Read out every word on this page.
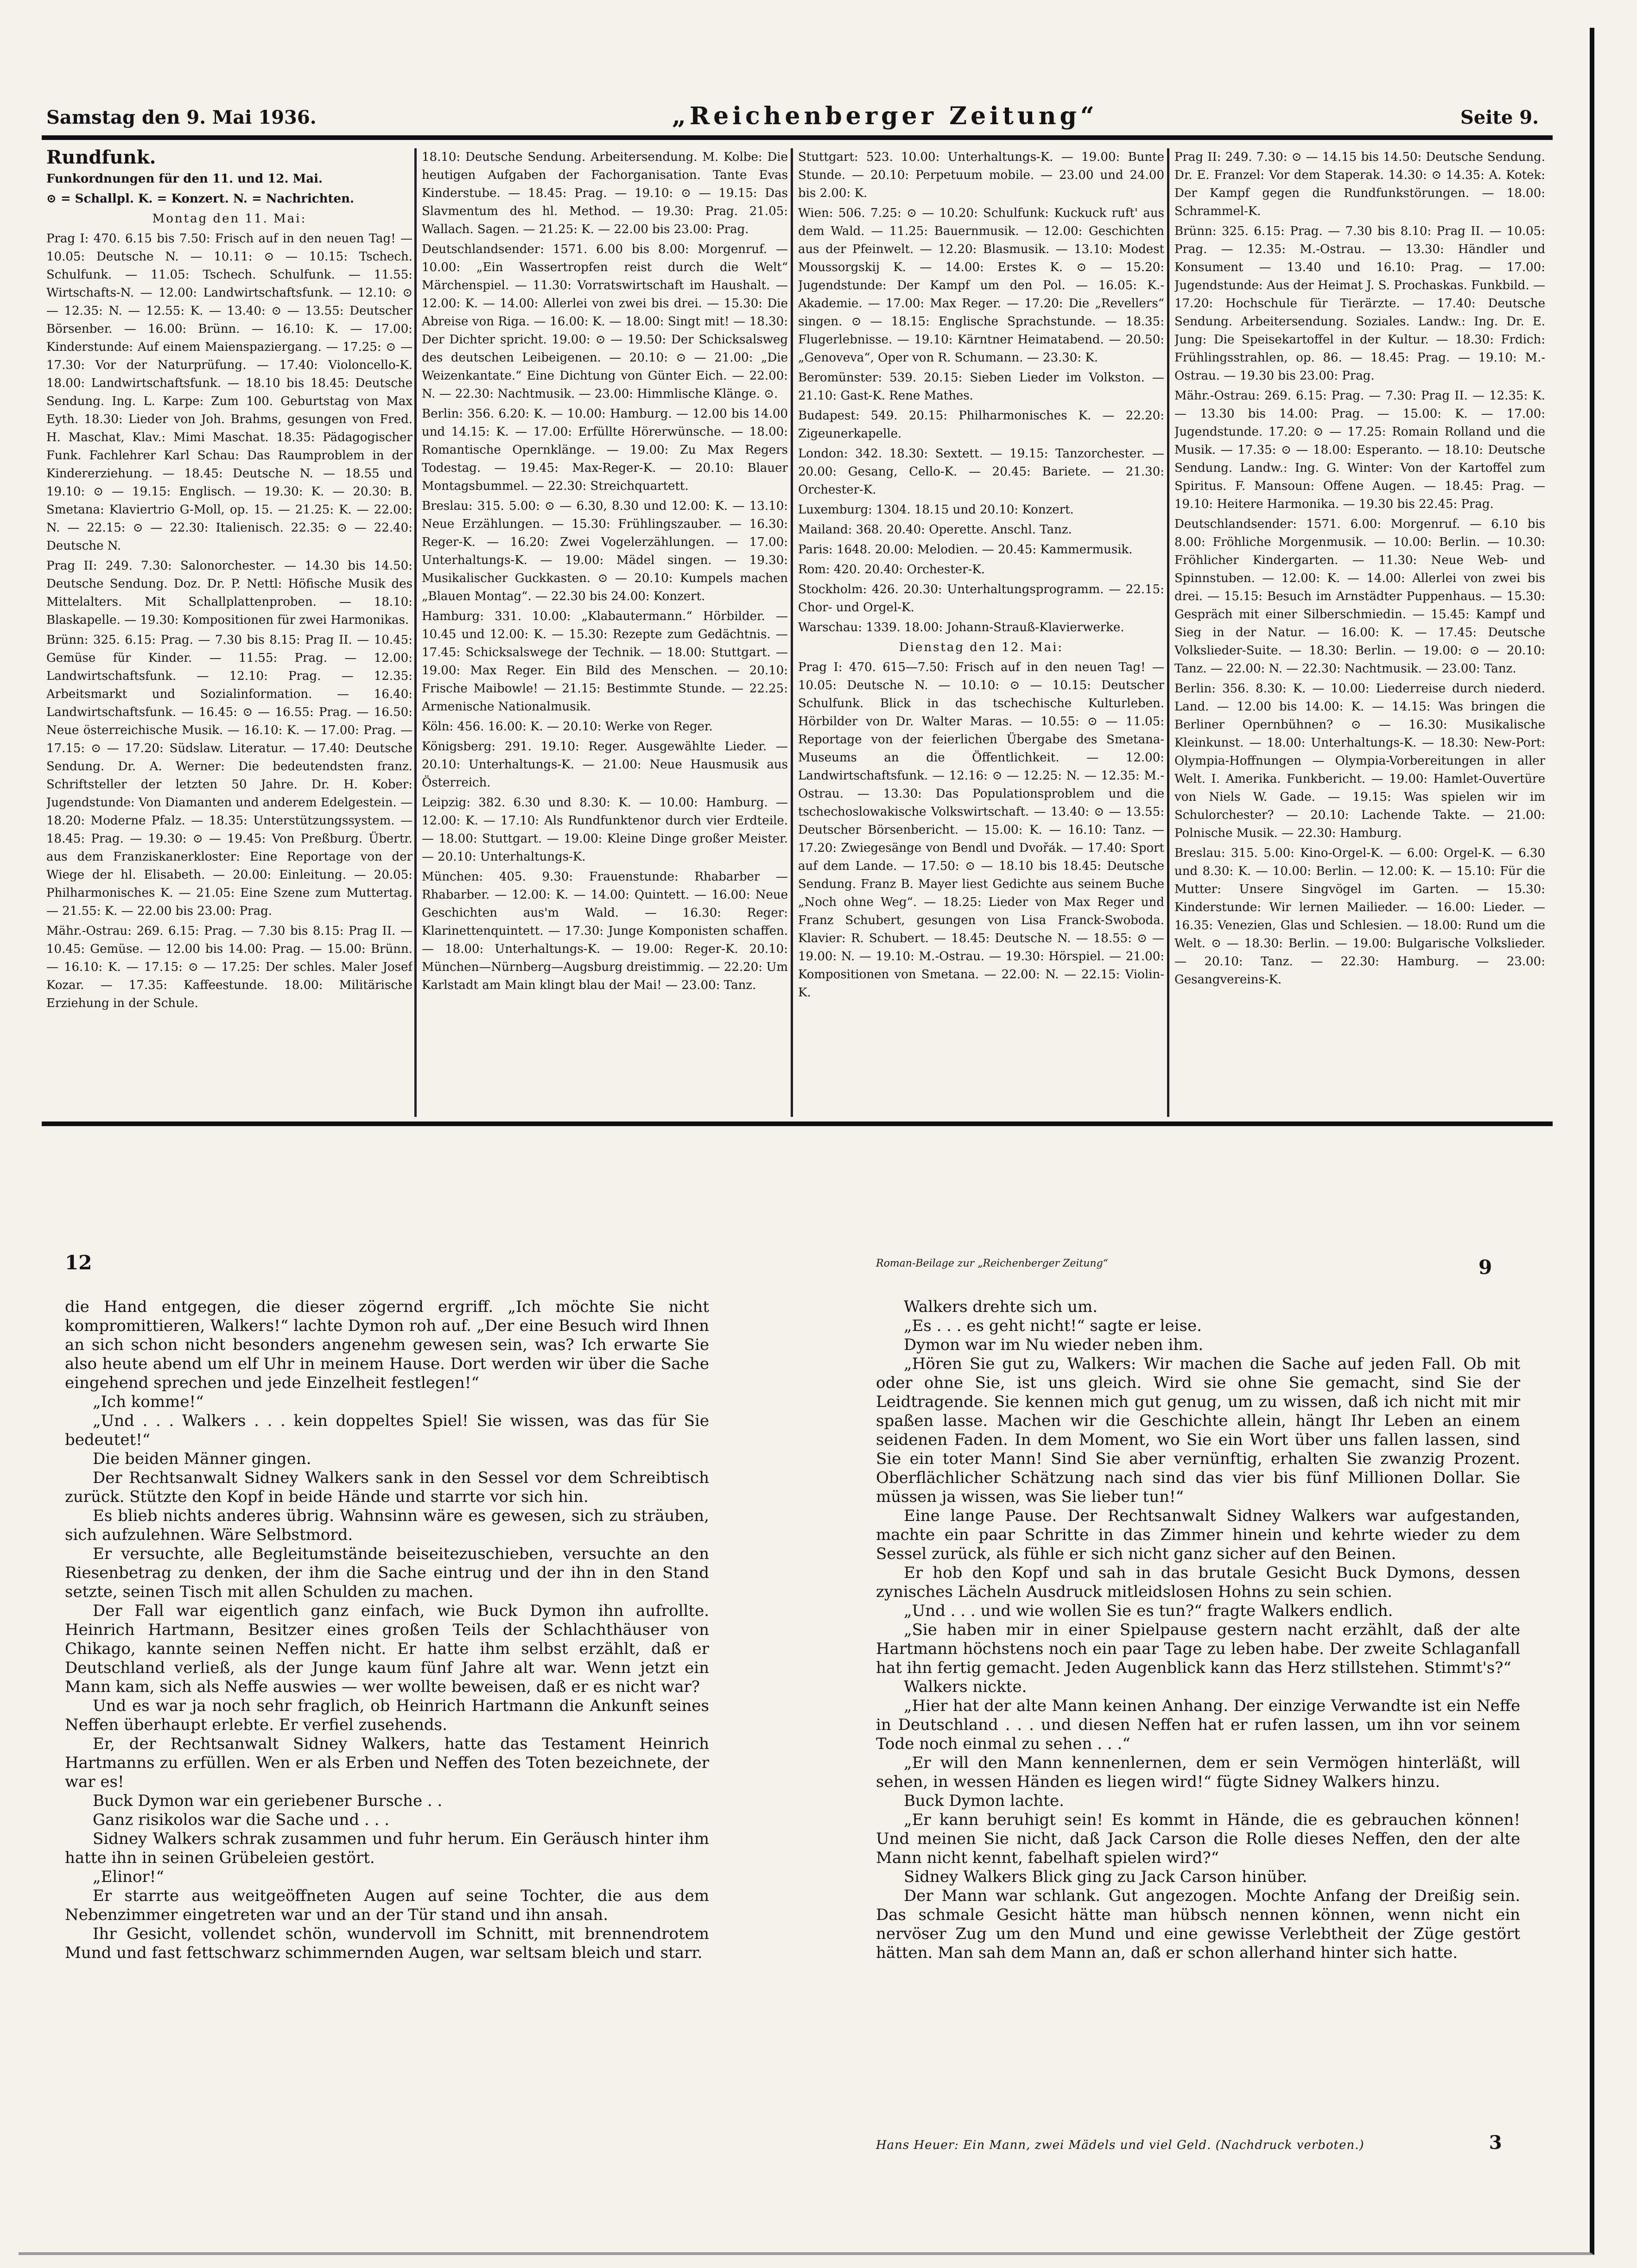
Samstag den 9. Mai 1936.	„Reichenberger Zeitung“	Seite 9.

Rundfunk.

Funkordnungen für den 11. und 12. Mai.

⊙ = Schallpl. K. = Konzert. N. = Nachrichten.

Montag den 11. Mai:

Prag I: 470. 6.15 bis 7.50: Frisch auf in den neuen Tag! — 10.05: Deutsche N. — 10.11: ⊙ — 10.15: Tschech. Schulfunk. — 11.05: Tschech. Schulfunk. — 11.55: Wirtschafts-N. — 12.00: Landwirtschaftsfunk. — 12.10: ⊙ — 12.35: N. — 12.55: K. — 13.40: ⊙ — 13.55: Deutscher Börsenber. — 16.00: Brünn. — 16.10: K. — 17.00: Kinderstunde: Auf einem Maienspaziergang. — 17.25: ⊙ — 17.30: Vor der Naturprüfung. — 17.40: Violoncello-K. 18.00: Landwirtschaftsfunk. — 18.10 bis 18.45: Deutsche Sendung. Ing. L. Karpe: Zum 100. Geburtstag von Max Eyth. 18.30: Lieder von Joh. Brahms, gesungen von Fred. H. Maschat, Klav.: Mimi Maschat. 18.35: Pädagogischer Funk. Fachlehrer Karl Schau: Das Raumproblem in der Kindererziehung. — 18.45: Deutsche N. — 18.55 und 19.10: ⊙ — 19.15: Englisch. — 19.30: K. — 20.30: B. Smetana: Klaviertrio G-Moll, op. 15. — 21.25: K. — 22.00: N. — 22.15: ⊙ — 22.30: Italienisch. 22.35: ⊙ — 22.40: Deutsche N.

Prag II: 249. 7.30: Salonorchester. — 14.30 bis 14.50: Deutsche Sendung. Doz. Dr. P. Nettl: Höfische Musik des Mittelalters. Mit Schallplattenproben. — 18.10: Blaskapelle. — 19.30: Kompositionen für zwei Harmonikas.

Brünn: 325. 6.15: Prag. — 7.30 bis 8.15: Prag II. — 10.45: Gemüse für Kinder. — 11.55: Prag. — 12.00: Landwirtschaftsfunk. — 12.10: Prag. — 12.35: Arbeitsmarkt und Sozialinformation. — 16.40: Landwirtschaftsfunk. — 16.45: ⊙ — 16.55: Prag. — 16.50: Neue österreichische Musik. — 16.10: K. — 17.00: Prag. — 17.15: ⊙ — 17.20: Südslaw. Literatur. — 17.40: Deutsche Sendung. Dr. A. Werner: Die bedeutendsten franz. Schriftsteller der letzten 50 Jahre. Dr. H. Kober: Jugendstunde: Von Diamanten und anderem Edelgestein. — 18.20: Moderne Pfalz. — 18.35: Unterstützungssystem. — 18.45: Prag. — 19.30: ⊙ — 19.45: Von Preßburg. Übertr. aus dem Franziskanerkloster: Eine Reportage von der Wiege der hl. Elisabeth. — 20.00: Einleitung. — 20.05: Philharmonisches K. — 21.05: Eine Szene zum Muttertag. — 21.55: K. — 22.00 bis 23.00: Prag.

Mähr.-Ostrau: 269. 6.15: Prag. — 7.30 bis 8.15: Prag II. — 10.45: Gemüse. — 12.00 bis 14.00: Prag. — 15.00: Brünn. — 16.10: K. — 17.15: ⊙ — 17.25: Der schles. Maler Josef Kozar. — 17.35: Kaffeestunde. 18.00: Militärische Erziehung in der Schule.

18.10: Deutsche Sendung. Arbeitersendung. M. Kolbe: Die heutigen Aufgaben der Fachorganisation. Tante Evas Kinderstube. — 18.45: Prag. — 19.10: ⊙ — 19.15: Das Slavmentum des hl. Method. — 19.30: Prag. 21.05: Wallach. Sagen. — 21.25: K. — 22.00 bis 23.00: Prag.

Deutschlandsender: 1571. 6.00 bis 8.00: Morgenruf. — 10.00: „Ein Wassertropfen reist durch die Welt“ Märchenspiel. — 11.30: Vorratswirtschaft im Haushalt. — 12.00: K. — 14.00: Allerlei von zwei bis drei. — 15.30: Die Abreise von Riga. — 16.00: K. — 18.00: Singt mit! — 18.30: Der Dichter spricht. 19.00: ⊙ — 19.50: Der Schicksalsweg des deutschen Leibeigenen. — 20.10: ⊙ — 21.00: „Die Weizenkantate.“ Eine Dichtung von Günter Eich. — 22.00: N. — 22.30: Nachtmusik. — 23.00: Himmlische Klänge. ⊙.

Berlin: 356. 6.20: K. — 10.00: Hamburg. — 12.00 bis 14.00 und 14.15: K. — 17.00: Erfüllte Hörerwünsche. — 18.00: Romantische Opernklänge. — 19.00: Zu Max Regers Todestag. — 19.45: Max-Reger-K. — 20.10: Blauer Montagsbummel. — 22.30: Streichquartett.

Breslau: 315. 5.00: ⊙ — 6.30, 8.30 und 12.00: K. — 13.10: Neue Erzählungen. — 15.30: Frühlingszauber. — 16.30: Reger-K. — 16.20: Zwei Vogelerzählungen. — 17.00: Unterhaltungs-K. — 19.00: Mädel singen. — 19.30: Musikalischer Guckkasten. ⊙ — 20.10: Kumpels machen „Blauen Montag“. — 22.30 bis 24.00: Konzert.

Hamburg: 331. 10.00: „Klabautermann.“ Hörbilder. — 10.45 und 12.00: K. — 15.30: Rezepte zum Gedächtnis. — 17.45: Schicksalswege der Technik. — 18.00: Stuttgart. — 19.00: Max Reger. Ein Bild des Menschen. — 20.10: Frische Maibowle! — 21.15: Bestimmte Stunde. — 22.25: Armenische Nationalmusik.

Köln: 456. 16.00: K. — 20.10: Werke von Reger.

Königsberg: 291. 19.10: Reger. Ausgewählte Lieder. — 20.10: Unterhaltungs-K. — 21.00: Neue Hausmusik aus Österreich.

Leipzig: 382. 6.30 und 8.30: K. — 10.00: Hamburg. — 12.00: K. — 17.10: Als Rundfunktenor durch vier Erdteile. — 18.00: Stuttgart. — 19.00: Kleine Dinge großer Meister. — 20.10: Unterhaltungs-K.

München: 405. 9.30: Frauenstunde: Rhabarber — Rhabarber. — 12.00: K. — 14.00: Quintett. — 16.00: Neue Geschichten aus'm Wald. — 16.30: Reger: Klarinettenquintett. — 17.30: Junge Komponisten schaffen. — 18.00: Unterhaltungs-K. — 19.00: Reger-K. 20.10: München—Nürnberg—Augsburg dreistimmig. — 22.20: Um Karlstadt am Main klingt blau der Mai! — 23.00: Tanz.

Stuttgart: 523. 10.00: Unterhaltungs-K. — 19.00: Bunte Stunde. — 20.10: Perpetuum mobile. — 23.00 und 24.00 bis 2.00: K.

Wien: 506. 7.25: ⊙ — 10.20: Schulfunk: Kuckuck ruft' aus dem Wald. — 11.25: Bauernmusik. — 12.00: Geschichten aus der Pfeinwelt. — 12.20: Blasmusik. — 13.10: Modest Moussorgskij K. — 14.00: Erstes K. ⊙ — 15.20: Jugendstunde: Der Kampf um den Pol. — 16.05: K.-Akademie. — 17.00: Max Reger. — 17.20: Die „Revellers“ singen. ⊙ — 18.15: Englische Sprachstunde. — 18.35: Flugerlebnisse. — 19.10: Kärntner Heimatabend. — 20.50: „Genoveva“, Oper von R. Schumann. — 23.30: K.

Beromünster: 539. 20.15: Sieben Lieder im Volkston. — 21.10: Gast-K. Rene Mathes.

Budapest: 549. 20.15: Philharmonisches K. — 22.20: Zigeunerkapelle.

London: 342. 18.30: Sextett. — 19.15: Tanzorchester. — 20.00: Gesang, Cello-K. — 20.45: Bariete. — 21.30: Orchester-K.

Luxemburg: 1304. 18.15 und 20.10: Konzert.

Mailand: 368. 20.40: Operette. Anschl. Tanz.

Paris: 1648. 20.00: Melodien. — 20.45: Kammermusik.

Rom: 420. 20.40: Orchester-K.

Stockholm: 426. 20.30: Unterhaltungsprogramm. — 22.15: Chor- und Orgel-K.

Warschau: 1339. 18.00: Johann-Strauß-Klavierwerke.

Dienstag den 12. Mai:

Prag I: 470. 615—7.50: Frisch auf in den neuen Tag! — 10.05: Deutsche N. — 10.10: ⊙ — 10.15: Deutscher Schulfunk. Blick in das tschechische Kulturleben. Hörbilder von Dr. Walter Maras. — 10.55: ⊙ — 11.05: Reportage von der feierlichen Übergabe des Smetana-Museums an die Öffentlichkeit. — 12.00: Landwirtschaftsfunk. — 12.16: ⊙ — 12.25: N. — 12.35: M.-Ostrau. — 13.30: Das Populationsproblem und die tschechoslowakische Volkswirtschaft. — 13.40: ⊙ — 13.55: Deutscher Börsenbericht. — 15.00: K. — 16.10: Tanz. — 17.20: Zwiegesänge von Bendl und Dvořák. — 17.40: Sport auf dem Lande. — 17.50: ⊙ — 18.10 bis 18.45: Deutsche Sendung. Franz B. Mayer liest Gedichte aus seinem Buche „Noch ohne Weg“. — 18.25: Lieder von Max Reger und Franz Schubert, gesungen von Lisa Franck-Swoboda. Klavier: R. Schubert. — 18.45: Deutsche N. — 18.55: ⊙ — 19.00: N. — 19.10: M.-Ostrau. — 19.30: Hörspiel. — 21.00: Kompositionen von Smetana. — 22.00: N. — 22.15: Violin-K.

Prag II: 249. 7.30: ⊙ — 14.15 bis 14.50: Deutsche Sendung. Dr. E. Franzel: Vor dem Staperak. 14.30: ⊙ 14.35: A. Kotek: Der Kampf gegen die Rundfunkstörungen. — 18.00: Schrammel-K.

Brünn: 325. 6.15: Prag. — 7.30 bis 8.10: Prag II. — 10.05: Prag. — 12.35: M.-Ostrau. — 13.30: Händler und Konsument — 13.40 und 16.10: Prag. — 17.00: Jugendstunde: Aus der Heimat J. S. Prochaskas. Funkbild. — 17.20: Hochschule für Tierärzte. — 17.40: Deutsche Sendung. Arbeitersendung. Soziales. Landw.: Ing. Dr. E. Jung: Die Speisekartoffel in der Kultur. — 18.30: Frdich: Frühlingsstrahlen, op. 86. — 18.45: Prag. — 19.10: M.-Ostrau. — 19.30 bis 23.00: Prag.

Mähr.-Ostrau: 269. 6.15: Prag. — 7.30: Prag II. — 12.35: K. — 13.30 bis 14.00: Prag. — 15.00: K. — 17.00: Jugendstunde. 17.20: ⊙ — 17.25: Romain Rolland und die Musik. — 17.35: ⊙ — 18.00: Esperanto. — 18.10: Deutsche Sendung. Landw.: Ing. G. Winter: Von der Kartoffel zum Spiritus. F. Mansoun: Offene Augen. — 18.45: Prag. — 19.10: Heitere Harmonika. — 19.30 bis 22.45: Prag.

Deutschlandsender: 1571. 6.00: Morgenruf. — 6.10 bis 8.00: Fröhliche Morgenmusik. — 10.00: Berlin. — 10.30: Fröhlicher Kindergarten. — 11.30: Neue Web- und Spinnstuben. — 12.00: K. — 14.00: Allerlei von zwei bis drei. — 15.15: Besuch im Arnstädter Puppenhaus. — 15.30: Gespräch mit einer Silberschmiedin. — 15.45: Kampf und Sieg in der Natur. — 16.00: K. — 17.45: Deutsche Volkslieder-Suite. — 18.30: Berlin. — 19.00: ⊙ — 20.10: Tanz. — 22.00: N. — 22.30: Nachtmusik. — 23.00: Tanz.

Berlin: 356. 8.30: K. — 10.00: Liederreise durch niederd. Land. — 12.00 bis 14.00: K. — 14.15: Was bringen die Berliner Opernbühnen? ⊙ — 16.30: Musikalische Kleinkunst. — 18.00: Unterhaltungs-K. — 18.30: New-Port: Olympia-Hoffnungen — Olympia-Vorbereitungen in aller Welt. I. Amerika. Funkbericht. — 19.00: Hamlet-Ouvertüre von Niels W. Gade. — 19.15: Was spielen wir im Schulorchester? — 20.10: Lachende Takte. — 21.00: Polnische Musik. — 22.30: Hamburg.

Breslau: 315. 5.00: Kino-Orgel-K. — 6.00: Orgel-K. — 6.30 und 8.30: K. — 10.00: Berlin. — 12.00: K. — 15.10: Für die Mutter: Unsere Singvögel im Garten. — 15.30: Kinderstunde: Wir lernen Mailieder. — 16.00: Lieder. — 16.35: Venezien, Glas und Schlesien. — 18.00: Rund um die Welt. ⊙ — 18.30: Berlin. — 19.00: Bulgarische Volkslieder. — 20.10: Tanz. — 22.30: Hamburg. — 23.00: Gesangvereins-K.

12	Roman-Beilage zur „Reichenberger Zeitung“	9

die Hand entgegen, die dieser zögernd ergriff. „Ich möchte Sie nicht kompromittieren, Walkers!“ lachte Dymon roh auf. „Der eine Besuch wird Ihnen an sich schon nicht besonders angenehm gewesen sein, was? Ich erwarte Sie also heute abend um elf Uhr in meinem Hause. Dort werden wir über die Sache eingehend sprechen und jede Einzelheit festlegen!“

„Ich komme!“

„Und . . . Walkers . . . kein doppeltes Spiel! Sie wissen, was das für Sie bedeutet!“

Die beiden Männer gingen.

Der Rechtsanwalt Sidney Walkers sank in den Sessel vor dem Schreibtisch zurück. Stützte den Kopf in beide Hände und starrte vor sich hin.

Es blieb nichts anderes übrig. Wahnsinn wäre es gewesen, sich zu sträuben, sich aufzulehnen. Wäre Selbstmord.

Er versuchte, alle Begleitumstände beiseitezuschieben, versuchte an den Riesenbetrag zu denken, der ihm die Sache eintrug und der ihn in den Stand setzte, seinen Tisch mit allen Schulden zu machen.

Der Fall war eigentlich ganz einfach, wie Buck Dymon ihn aufrollte. Heinrich Hartmann, Besitzer eines großen Teils der Schlachthäuser von Chikago, kannte seinen Neffen nicht. Er hatte ihm selbst erzählt, daß er Deutschland verließ, als der Junge kaum fünf Jahre alt war. Wenn jetzt ein Mann kam, sich als Neffe auswies — wer wollte beweisen, daß er es nicht war?

Und es war ja noch sehr fraglich, ob Heinrich Hartmann die Ankunft seines Neffen überhaupt erlebte. Er verfiel zusehends.

Er, der Rechtsanwalt Sidney Walkers, hatte das Testament Heinrich Hartmanns zu erfüllen. Wen er als Erben und Neffen des Toten bezeichnete, der war es!

Buck Dymon war ein geriebener Bursche . .

Ganz risikolos war die Sache und . . .

Sidney Walkers schrak zusammen und fuhr herum. Ein Geräusch hinter ihm hatte ihn in seinen Grübeleien gestört.

„Elinor!“

Er starrte aus weitgeöffneten Augen auf seine Tochter, die aus dem Nebenzimmer eingetreten war und an der Tür stand und ihn ansah.

Ihr Gesicht, vollendet schön, wundervoll im Schnitt, mit brennendrotem Mund und fast fettschwarz schimmernden Augen, war seltsam bleich und starr.

Walkers drehte sich um.

„Es . . . es geht nicht!“ sagte er leise.

Dymon war im Nu wieder neben ihm.

„Hören Sie gut zu, Walkers: Wir machen die Sache auf jeden Fall. Ob mit oder ohne Sie, ist uns gleich. Wird sie ohne Sie gemacht, sind Sie der Leidtragende. Sie kennen mich gut genug, um zu wissen, daß ich nicht mit mir spaßen lasse. Machen wir die Geschichte allein, hängt Ihr Leben an einem seidenen Faden. In dem Moment, wo Sie ein Wort über uns fallen lassen, sind Sie ein toter Mann! Sind Sie aber vernünftig, erhalten Sie zwanzig Prozent. Oberflächlicher Schätzung nach sind das vier bis fünf Millionen Dollar. Sie müssen ja wissen, was Sie lieber tun!“

Eine lange Pause. Der Rechtsanwalt Sidney Walkers war aufgestanden, machte ein paar Schritte in das Zimmer hinein und kehrte wieder zu dem Sessel zurück, als fühle er sich nicht ganz sicher auf den Beinen.

Er hob den Kopf und sah in das brutale Gesicht Buck Dymons, dessen zynisches Lächeln Ausdruck mitleidslosen Hohns zu sein schien.

„Und . . . und wie wollen Sie es tun?“ fragte Walkers endlich.

„Sie haben mir in einer Spielpause gestern nacht erzählt, daß der alte Hartmann höchstens noch ein paar Tage zu leben habe. Der zweite Schlaganfall hat ihn fertig gemacht. Jeden Augenblick kann das Herz stillstehen. Stimmt's?“

Walkers nickte.

„Hier hat der alte Mann keinen Anhang. Der einzige Verwandte ist ein Neffe in Deutschland . . . und diesen Neffen hat er rufen lassen, um ihn vor seinem Tode noch einmal zu sehen . . .“

„Er will den Mann kennenlernen, dem er sein Vermögen hinterläßt, will sehen, in wessen Händen es liegen wird!“ fügte Sidney Walkers hinzu.

Buck Dymon lachte.

„Er kann beruhigt sein! Es kommt in Hände, die es gebrauchen können! Und meinen Sie nicht, daß Jack Carson die Rolle dieses Neffen, den der alte Mann nicht kennt, fabelhaft spielen wird?“

Sidney Walkers Blick ging zu Jack Carson hinüber.

Der Mann war schlank. Gut angezogen. Mochte Anfang der Dreißig sein. Das schmale Gesicht hätte man hübsch nennen können, wenn nicht ein nervöser Zug um den Mund und eine gewisse Verlebtheit der Züge gestört hätten. Man sah dem Mann an, daß er schon allerhand hinter sich hatte.

Hans Heuer: Ein Mann, zwei Mädels und viel Geld. (Nachdruck verboten.)	3
